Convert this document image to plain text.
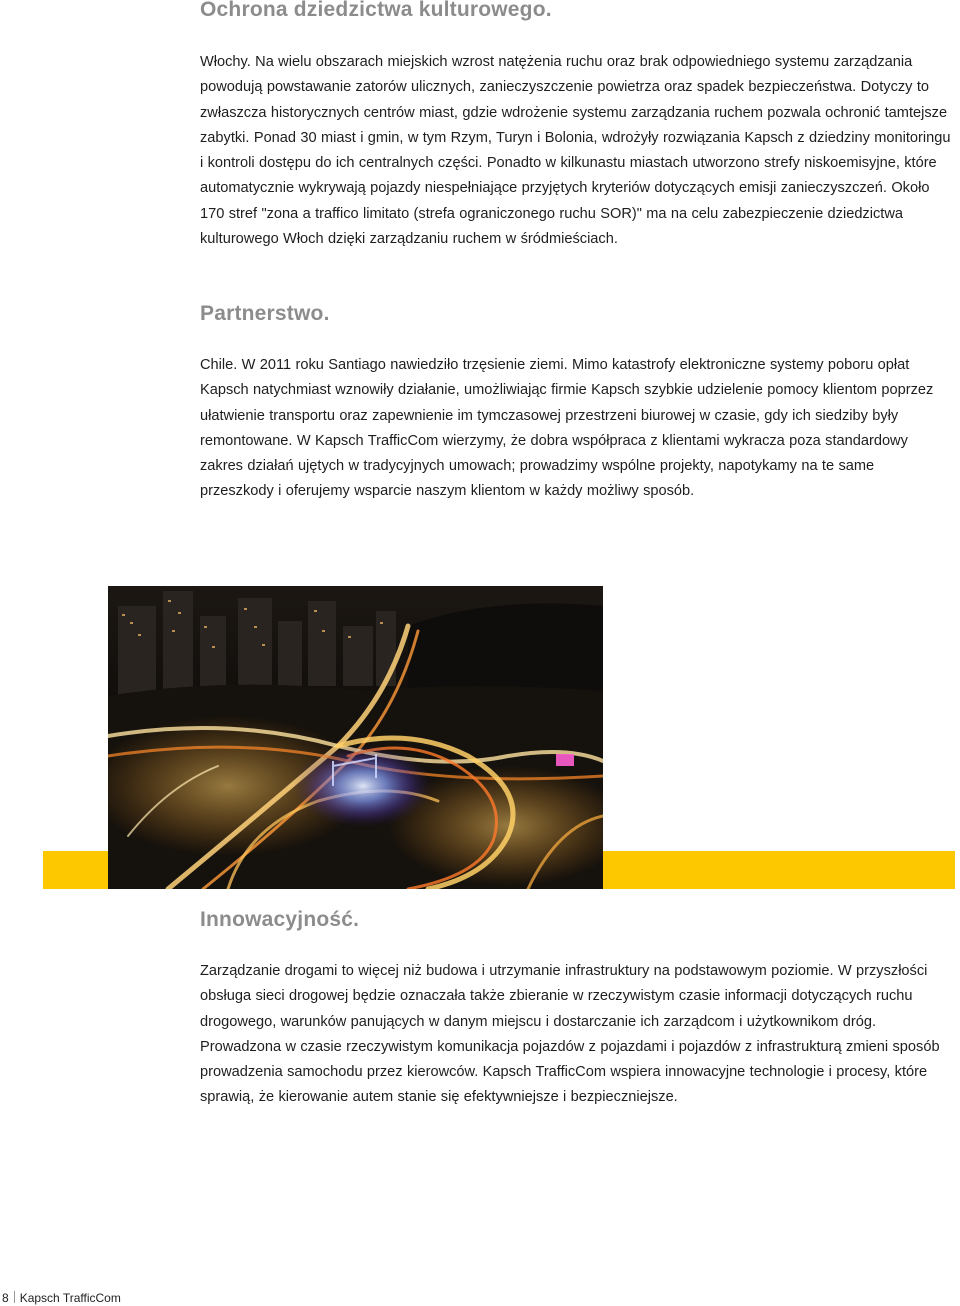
Ochrona dziedzictwa kulturowego.

Włochy. Na wielu obszarach miejskich wzrost natężenia ruchu oraz brak odpowiedniego systemu zarządzania powodują powstawanie zatorów ulicznych, zanieczyszczenie powietrza oraz spadek bezpieczeństwa. Dotyczy to zwłaszcza historycznych centrów miast, gdzie wdrożenie systemu zarządzania ruchem pozwala ochronić tamtejsze zabytki. Ponad 30 miast i gmin, w tym Rzym, Turyn i Bolonia, wdrożyły rozwiązania Kapsch z dziedziny monitoringu i kontroli dostępu do ich centralnych części. Ponadto w kilkunastu miastach utworzono strefy niskoemisyjne, które automatycznie wykrywają pojazdy niespełniające przyjętych kryteriów dotyczących emisji zanieczyszczeń. Około 170 stref "zona a traffico limitato (strefa ograniczonego ruchu SOR)" ma na celu zabezpieczenie dziedzictwa kulturowego Włoch dzięki zarządzaniu ruchem w śródmieściach.

Partnerstwo.

Chile. W 2011 roku Santiago nawiedziło trzęsienie ziemi. Mimo katastrofy elektroniczne systemy poboru opłat Kapsch natychmiast wznowiły działanie, umożliwiając firmie Kapsch szybkie udzielenie pomocy klientom poprzez ułatwienie transportu oraz zapewnienie im tymczasowej przestrzeni biurowej w czasie, gdy ich siedziby były remontowane. W Kapsch TrafficCom wierzymy, że dobra współpraca z klientami wykracza poza standardowy zakres działań ujętych w tradycyjnych umowach; prowadzimy wspólne projekty, napotykamy na te same przeszkody i oferujemy wsparcie naszym klientom w każdy możliwy sposób.

Innowacyjność.

Zarządzanie drogami to więcej niż budowa i utrzymanie infrastruktury na podstawowym poziomie. W przyszłości obsługa sieci drogowej będzie oznaczała także zbieranie w rzeczywistym czasie informacji dotyczących ruchu drogowego, warunków panujących w danym miejscu i dostarczanie ich zarządcom i użytkownikom dróg. Prowadzona w czasie rzeczywistym komunikacja pojazdów z pojazdami i pojazdów z infrastrukturą zmieni sposób prowadzenia samochodu przez kierowców. Kapsch TrafficCom wspiera innowacyjne technologie i procesy, które sprawią, że kierowanie autem stanie się efektywniejsze i bezpieczniejsze.

8 Kapsch TrafficCom
